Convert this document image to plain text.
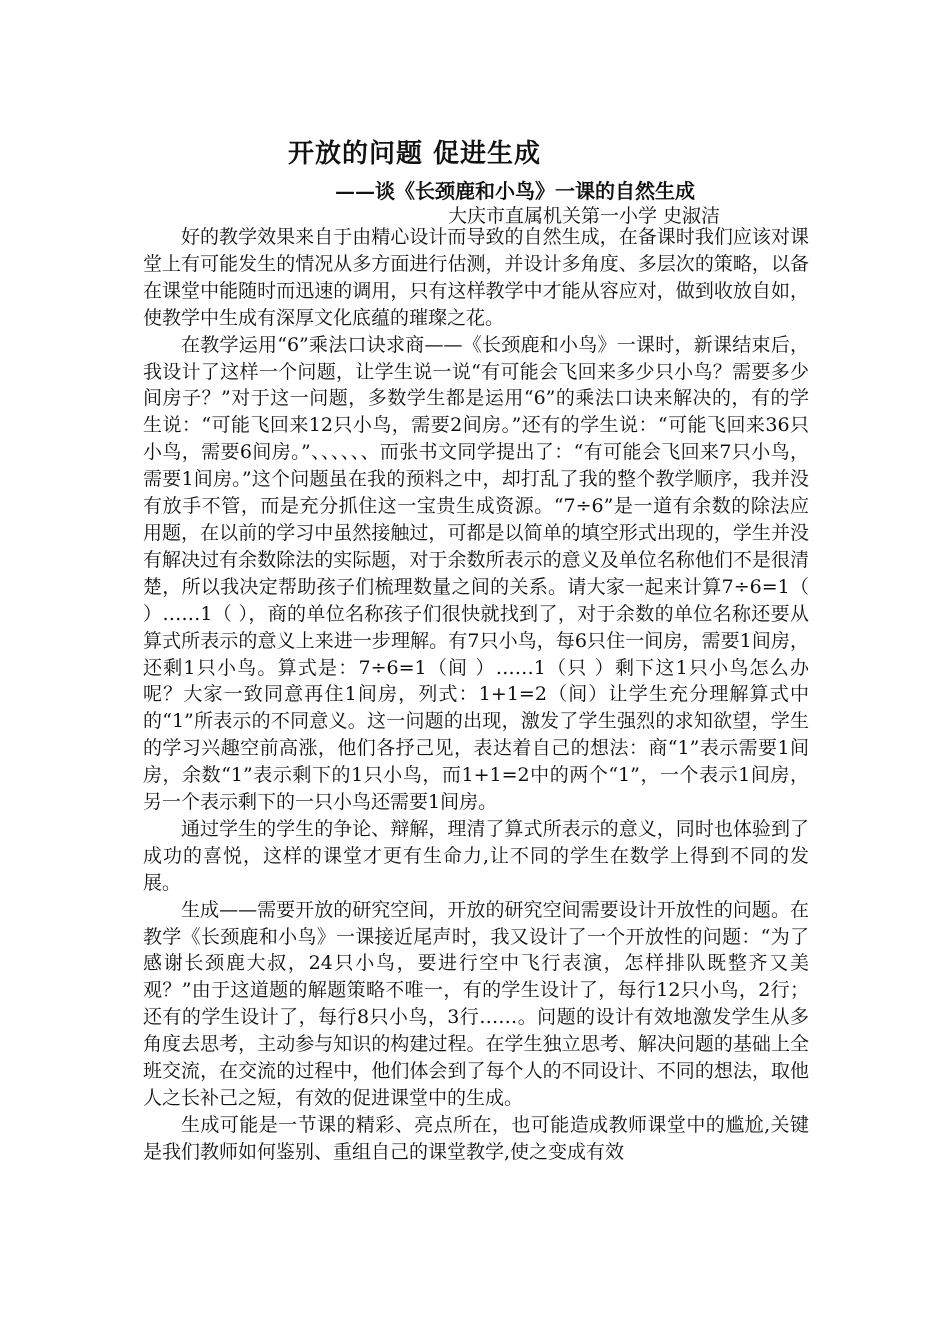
开放的问题 促进生成
——谈《长颈鹿和小鸟》一课的自然生成
大庆市直属机关第一小学 史淑洁

好的教学效果来自于由精心设计而导致的自然生成，在备课时我们应该对课堂上有可能发生的情况从多方面进行估测，并设计多角度、多层次的策略，以备在课堂中能随时而迅速的调用，只有这样教学中才能从容应对，做到收放自如，使教学中生成有深厚文化底蕴的璀璨之花。

在教学运用“6”乘法口诀求商——《长颈鹿和小鸟》一课时，新课结束后，我设计了这样一个问题，让学生说一说“有可能会飞回来多少只小鸟？需要多少间房子？”对于这一问题，多数学生都是运用“6”的乘法口诀来解决的，有的学生说：“可能飞回来12只小鸟，需要2间房。”还有的学生说：“可能飞回来36只小鸟，需要6间房。”、、、、、、而张书文同学提出了：“有可能会飞回来7只小鸟，需要1间房。”这个问题虽在我的预料之中，却打乱了我的整个教学顺序，我并没有放手不管，而是充分抓住这一宝贵生成资源。“7÷6”是一道有余数的除法应用题，在以前的学习中虽然接触过，可都是以简单的填空形式出现的，学生并没有解决过有余数除法的实际题，对于余数所表示的意义及单位名称他们不是很清楚，所以我决定帮助孩子们梳理数量之间的关系。请大家一起来计算7÷6=1（ ）……1（ ），商的单位名称孩子们很快就找到了，对于余数的单位名称还要从算式所表示的意义上来进一步理解。有7只小鸟，每6只住一间房，需要1间房，还剩1只小鸟。算式是：7÷6=1（间 ）……1（只 ）剩下这1只小鸟怎么办呢？大家一致同意再住1间房，列式：1+1=2（间）让学生充分理解算式中的“1”所表示的不同意义。这一问题的出现，激发了学生强烈的求知欲望，学生的学习兴趣空前高涨，他们各抒己见，表达着自己的想法：商“1”表示需要1间房，余数“1”表示剩下的1只小鸟，而1+1=2中的两个“1”，一个表示1间房，另一个表示剩下的一只小鸟还需要1间房。

通过学生的学生的争论、辩解，理清了算式所表示的意义，同时也体验到了成功的喜悦，这样的课堂才更有生命力,让不同的学生在数学上得到不同的发展。

生成——需要开放的研究空间，开放的研究空间需要设计开放性的问题。在教学《长颈鹿和小鸟》一课接近尾声时，我又设计了一个开放性的问题：“为了感谢长颈鹿大叔，24只小鸟，要进行空中飞行表演，怎样排队既整齐又美观？”由于这道题的解题策略不唯一，有的学生设计了，每行12只小鸟，2行；还有的学生设计了，每行8只小鸟，3行……。问题的设计有效地激发学生从多角度去思考，主动参与知识的构建过程。在学生独立思考、解决问题的基础上全班交流，在交流的过程中，他们体会到了每个人的不同设计、不同的想法，取他人之长补己之短，有效的促进课堂中的生成。

生成可能是一节课的精彩、亮点所在，也可能造成教师课堂中的尴尬,关键是我们教师如何鉴别、重组自己的课堂教学,使之变成有效
